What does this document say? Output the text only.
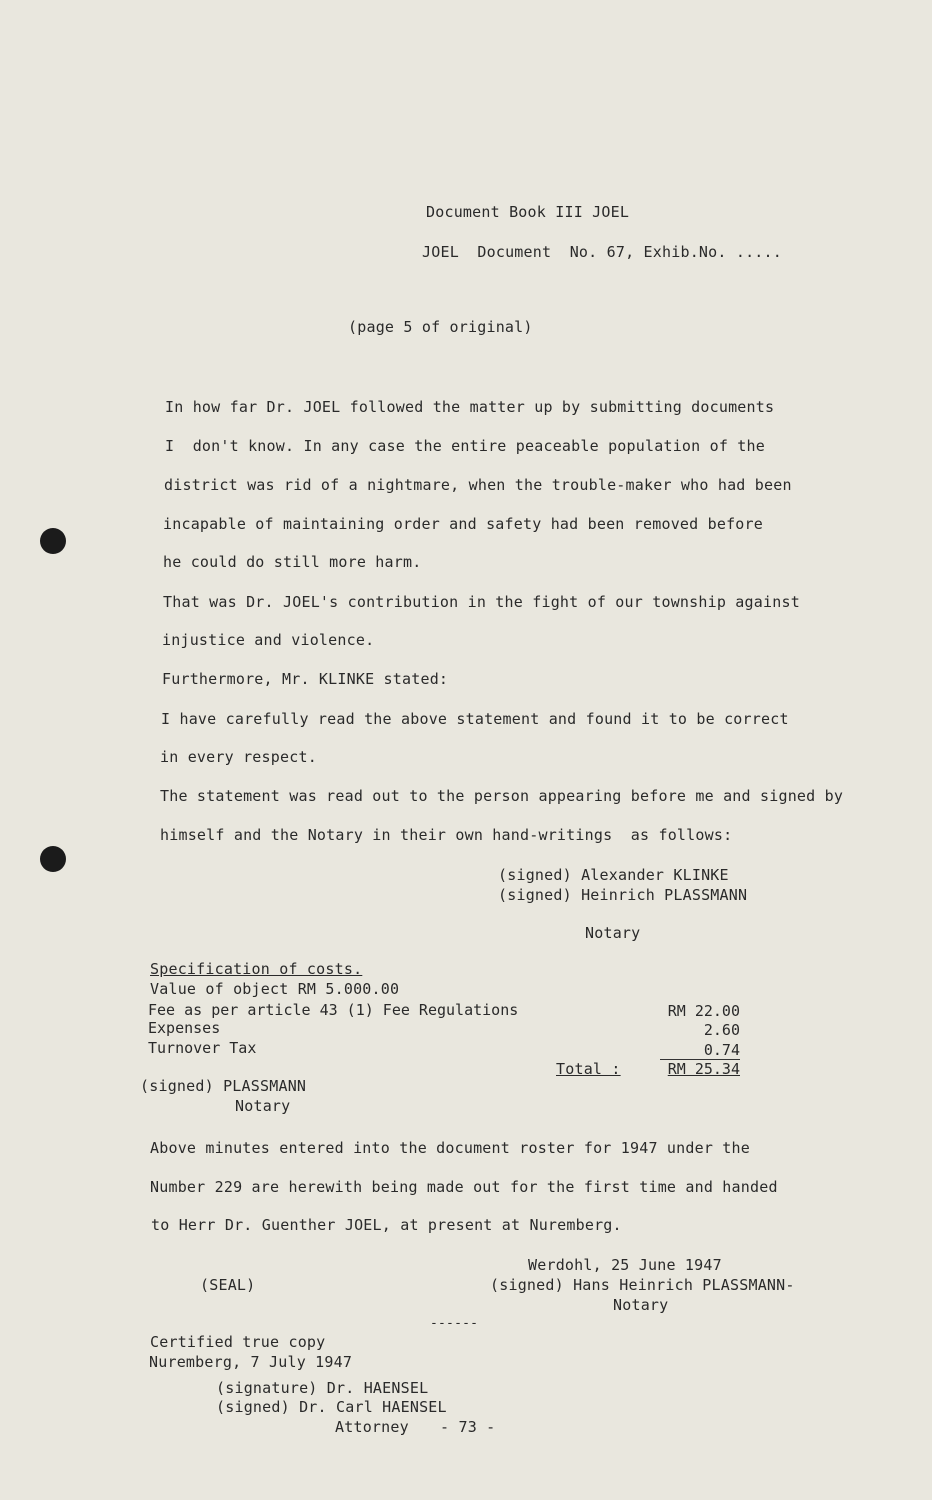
Document Book III JOEL
JOEL  Document  No. 67, Exhib.No. .....
(page 5 of original)
In how far Dr. JOEL followed the matter up by submitting documents
I  don't know. In any case the entire peaceable population of the
district was rid of a nightmare, when the trouble-maker who had been
incapable of maintaining order and safety had been removed before
he could do still more harm.
That was Dr. JOEL's contribution in the fight of our township against
injustice and violence.
Furthermore, Mr. KLINKE stated:
I have carefully read the above statement and found it to be correct
in every respect.
The statement was read out to the person appearing before me and signed by
himself and the Notary in their own hand-writings  as follows:
(signed) Alexander KLINKE
(signed) Heinrich PLASSMANN
Notary
Specification of costs.
Value of object RM 5.000.00
Fee as per article 43 (1) Fee Regulations	RM 22.00
Expenses	2.60
Turnover Tax	0.74
Total :	RM 25.34
(signed) PLASSMANN
Notary
Above minutes entered into the document roster for 1947 under the
Number 229 are herewith being made out for the first time and handed
to Herr Dr. Guenther JOEL, at present at Nuremberg.
Werdohl, 25 June 1947
(SEAL)	(signed) Hans Heinrich PLASSMANN-
Notary
------
Certified true copy
Nuremberg, 7 July 1947
(signature) Dr. HAENSEL
(signed) Dr. Carl HAENSEL
Attorney - 73 -
